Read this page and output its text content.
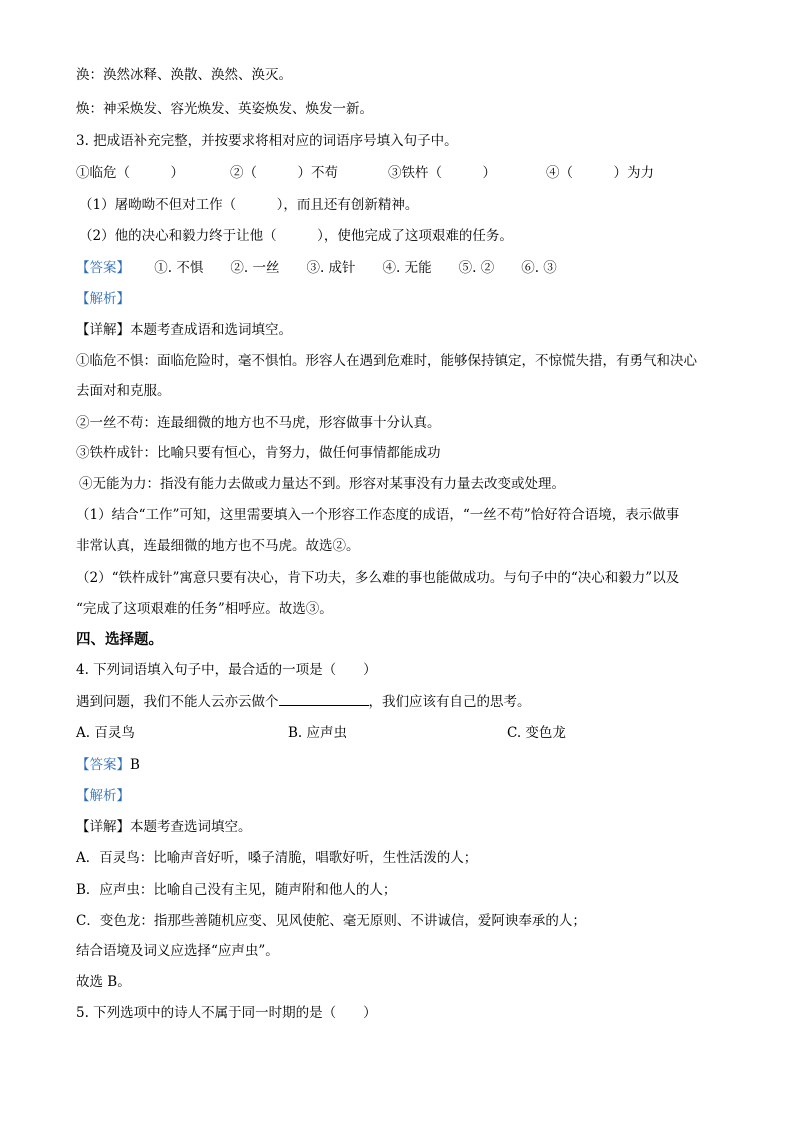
涣：涣然冰释、涣散、涣然、涣灭。
焕：神采焕发、容光焕发、英姿焕发、焕发一新。
3. 把成语补充完整，并按要求将相对应的词语序号填入句子中。
①临危（　　　）	②（　　　）不苟	③铁杵（　　　）	④（　　　）为力
（1）屠呦呦不但对工作（　　　），而且还有创新精神。
（2）他的决心和毅力终于让他（　　　），使他完成了这项艰难的任务。
【答案】 ①. 不惧　　②. 一丝　　③. 成针　　④. 无能　　⑤. ②　　⑥. ③
【解析】
【详解】本题考查成语和选词填空。
①临危不惧：面临危险时，毫不惧怕。形容人在遇到危难时，能够保持镇定，不惊慌失措，有勇气和决心
去面对和克服。
②一丝不苟：连最细微的地方也不马虎，形容做事十分认真。
③铁杵成针：比喻只要有恒心，肯努力，做任何事情都能成功
④无能为力：指没有能力去做或力量达不到。形容对某事没有力量去改变或处理。
（1）结合“工作”可知，这里需要填入一个形容工作态度的成语，“一丝不苟”恰好符合语境，表示做事
非常认真，连最细微的地方也不马虎。故选②。
（2）“铁杵成针”寓意只要有决心，肯下功夫，多么难的事也能做成功。与句子中的“决心和毅力”以及
“完成了这项艰难的任务”相呼应。故选③。
四、选择题。
4. 下列词语填入句子中，最合适的一项是（　　）
遇到问题，我们不能人云亦云做个	，我们应该有自己的思考。
A. 百灵鸟	B. 应声虫	C. 变色龙
【答案】B
【解析】
【详解】本题考查选词填空。
A．百灵鸟：比喻声音好听，嗓子清脆，唱歌好听，生性活泼的人；
B．应声虫：比喻自己没有主见，随声附和他人的人；
C．变色龙：指那些善随机应变、见风使舵、毫无原则、不讲诚信，爱阿谀奉承的人；
结合语境及词义应选择“应声虫”。
故选 B。
5. 下列选项中的诗人不属于同一时期的是（　　）
